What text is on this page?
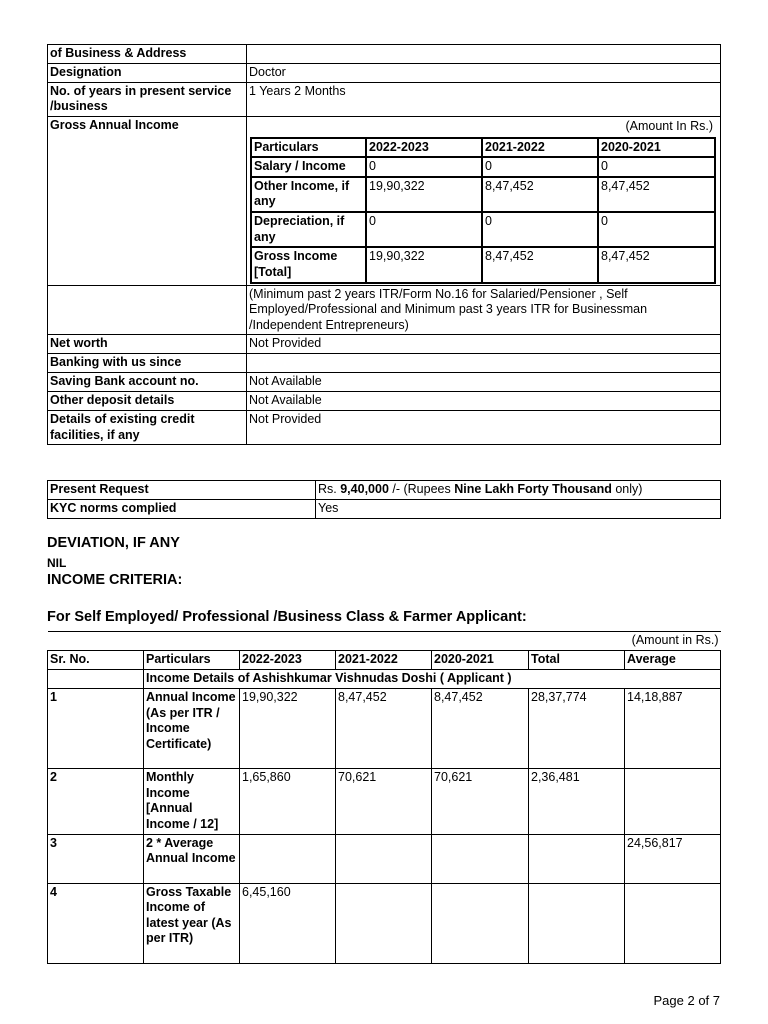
of Business & Address	
Designation	Doctor
No. of years in present service /business	1 Years 2 Months
Gross Annual Income		(Amount In Rs.)
Particulars	2022-2023	2021-2022	2020-2021
Salary / Income	0	0	0
Other Income, if any	19,90,322	8,47,452	8,47,452
Depreciation, if any	0	0	0
Gross Income [Total]	19,90,322	8,47,452	8,47,452

	(Minimum past 2 years ITR/Form No.16 for Salaried/Pensioner , Self Employed/Professional and Minimum past 3 years ITR for Businessman /Independent Entrepreneurs)
Net worth	Not Provided
Banking with us since	
Saving Bank account no.	Not Available
Other deposit details	Not Available
Details of existing credit facilities, if any	Not Provided
Present Request	Rs. 9,40,000 /- (Rupees Nine Lakh Forty Thousand only)
KYC norms complied	Yes
DEVIATION, IF ANY
NIL
INCOME CRITERIA:
For Self Employed/ Professional /Business Class & Farmer Applicant:
(Amount in Rs.)						
Sr. No.	Particulars	2022-2023	2021-2022	2020-2021	Total	Average
	Income Details of Ashishkumar Vishnudas Doshi ( Applicant )					
1	Annual Income (As per ITR / Income Certificate)	19,90,322	8,47,452	8,47,452	28,37,774	14,18,887
2	Monthly Income [Annual Income / 12]	1,65,860	70,621	70,621	2,36,481	
3	2 * Average Annual Income					24,56,817
4	Gross Taxable Income of latest year (As per ITR)	6,45,160				
Page 2 of 7
